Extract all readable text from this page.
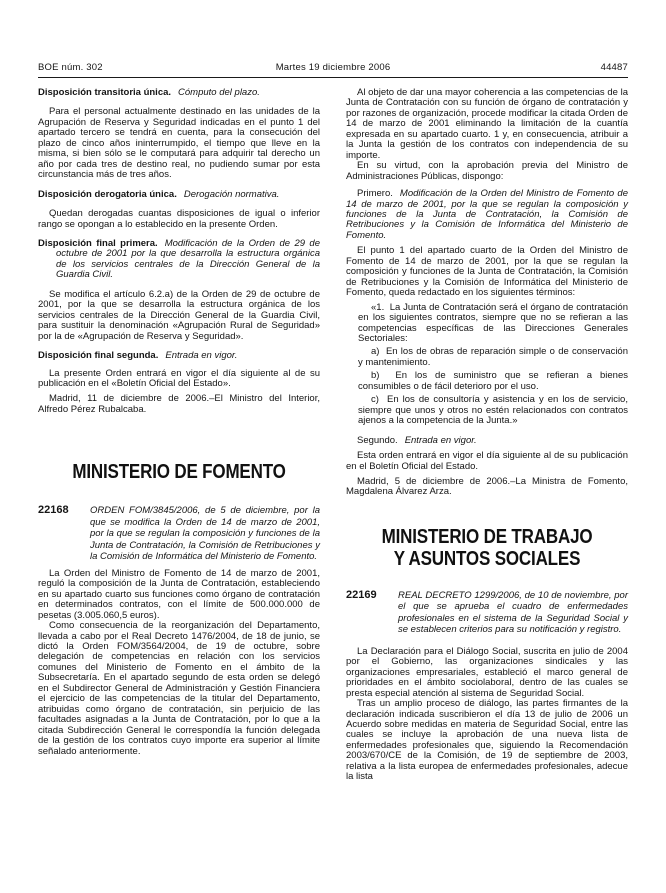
BOE núm. 302	Martes 19 diciembre 2006	44487

Disposición transitoria única. Cómputo del plazo.

Para el personal actualmente destinado en las unidades de la Agrupación de Reserva y Seguridad indicadas en el punto 1 del apartado tercero se tendrá en cuenta, para la consecución del plazo de cinco años ininterrumpido, el tiempo que lleve en la misma, si bien sólo se le computará para adquirir tal derecho un año por cada tres de destino real, no pudiendo sumar por esta circunstancia más de tres años.

Disposición derogatoria única. Derogación normativa.

Quedan derogadas cuantas disposiciones de igual o inferior rango se opongan a lo establecido en la presente Orden.

Disposición final primera. Modificación de la Orden de 29 de octubre de 2001 por la que desarrolla la estructura orgánica de los servicios centrales de la Dirección General de la Guardia Civil.

Se modifica el artículo 6.2.a) de la Orden de 29 de octubre de 2001, por la que se desarrolla la estructura orgánica de los servicios centrales de la Dirección General de la Guardia Civil, para sustituir la denominación «Agrupación Rural de Seguridad» por la de «Agrupación de Reserva y Seguridad».

Disposición final segunda. Entrada en vigor.

La presente Orden entrará en vigor el día siguiente al de su publicación en el «Boletín Oficial del Estado».

Madrid, 11 de diciembre de 2006.–El Ministro del Interior, Alfredo Pérez Rubalcaba.

MINISTERIO DE FOMENTO
22168 ORDEN FOM/3845/2006, de 5 de diciembre, por la que se modifica la Orden de 14 de marzo de 2001, por la que se regulan la composición y funciones de la Junta de Contratación, la Comisión de Retribuciones y la Comisión de Informática del Ministerio de Fomento.

La Orden del Ministro de Fomento de 14 de marzo de 2001, reguló la composición de la Junta de Contratación, estableciendo en su apartado cuarto sus funciones como órgano de contratación en determinados contratos, con el límite de 500.000.000 de pesetas (3.005.060,5 euros).

Como consecuencia de la reorganización del Departamento, llevada a cabo por el Real Decreto 1476/2004, de 18 de junio, se dictó la Orden FOM/3564/2004, de 19 de octubre, sobre delegación de competencias en relación con los servicios comunes del Ministerio de Fomento en el ámbito de la Subsecretaría. En el apartado segundo de esta orden se delegó en el Subdirector General de Administración y Gestión Financiera el ejercicio de las competencias de la titular del Departamento, atribuidas como órgano de contratación, sin perjuicio de las facultades asignadas a la Junta de Contratación, por lo que a la citada Subdirección General le correspondía la función delegada de la gestión de los contratos cuyo importe era superior al límite señalado anteriormente.

Al objeto de dar una mayor coherencia a las competencias de la Junta de Contratación con su función de órgano de contratación y por razones de organización, procede modificar la citada Orden de 14 de marzo de 2001 eliminando la limitación de la cuantía expresada en su apartado cuarto. 1 y, en consecuencia, atribuir a la Junta la gestión de los contratos con independencia de su importe.

En su virtud, con la aprobación previa del Ministro de Administraciones Públicas, dispongo:

Primero. Modificación de la Orden del Ministro de Fomento de 14 de marzo de 2001, por la que se regulan la composición y funciones de la Junta de Contratación, la Comisión de Retribuciones y la Comisión de Informática del Ministerio de Fomento.

El punto 1 del apartado cuarto de la Orden del Ministro de Fomento de 14 de marzo de 2001, por la que se regulan la composición y funciones de la Junta de Contratación, la Comisión de Retribuciones y la Comisión de Informática del Ministerio de Fomento, queda redactado en los siguientes términos:

«1.  La Junta de Contratación será el órgano de contratación en los siguientes contratos, siempre que no se refieran a las competencias específicas de las Direcciones Generales Sectoriales:

a)  En los de obras de reparación simple o de conservación y mantenimiento.

b)  En los de suministro que se refieran a bienes consumibles o de fácil deterioro por el uso.

c)  En los de consultoría y asistencia y en los de servicio, siempre que unos y otros no estén relacionados con contratos ajenos a la competencia de la Junta.»

Segundo. Entrada en vigor.

Esta orden entrará en vigor el día siguiente al de su publicación en el Boletín Oficial del Estado.

Madrid, 5 de diciembre de 2006.–La Ministra de Fomento, Magdalena Álvarez Arza.

MINISTERIO DE TRABAJO
Y ASUNTOS SOCIALES
22169 REAL DECRETO 1299/2006, de 10 de noviembre, por el que se aprueba el cuadro de enfermedades profesionales en el sistema de la Seguridad Social y se establecen criterios para su notificación y registro.

La Declaración para el Diálogo Social, suscrita en julio de 2004 por el Gobierno, las organizaciones sindicales y las organizaciones empresariales, estableció el marco general de prioridades en el ámbito sociolaboral, dentro de las cuales se presta especial atención al sistema de Seguridad Social.

Tras un amplio proceso de diálogo, las partes firmantes de la declaración indicada suscribieron el día 13 de julio de 2006 un Acuerdo sobre medidas en materia de Seguridad Social, entre las cuales se incluye la aprobación de una nueva lista de enfermedades profesionales que, siguiendo la Recomendación 2003/670/CE de la Comisión, de 19 de septiembre de 2003, relativa a la lista europea de enfermedades profesionales, adecue la lista
